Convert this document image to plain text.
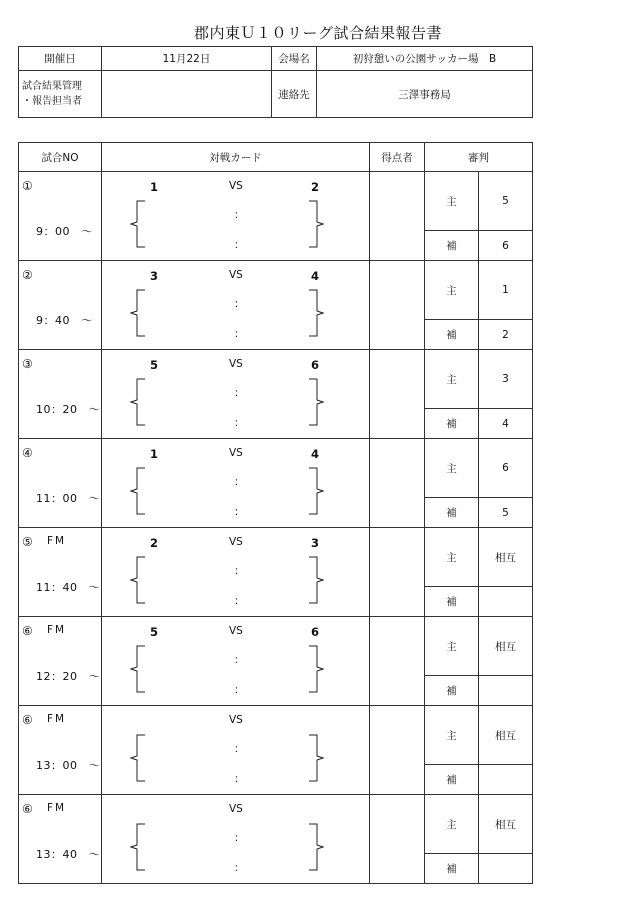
郡内東Ｕ１０リーグ試合結果報告書
開催日	11月22日	会場名	初狩憩いの公園サッカー場　B

試合結果管理
・報告担当者		連絡先	三澤事務局
試合NO	対戦カード	得点者	審判	

①
9：00　～	1 VS 2
：
：		主	5
			補	6

②
9：40　～	3 VS 4
：
：		主	1
			補	2

③
10：20　～	5 VS 6
：
：		主	3
			補	4

④
11：00　～	1 VS 4
：
：		主	6
			補	5

⑤ FM
11：40　～	2 VS 3
：
：		主	相互
			補	

⑥ FM
12：20　～	5 VS 6
：
：		主	相互
			補	

⑥ FM
13：00　～	VS
：
：		主	相互
			補	

⑥ FM
13：40　～	VS
：
：		主	相互
			補	
